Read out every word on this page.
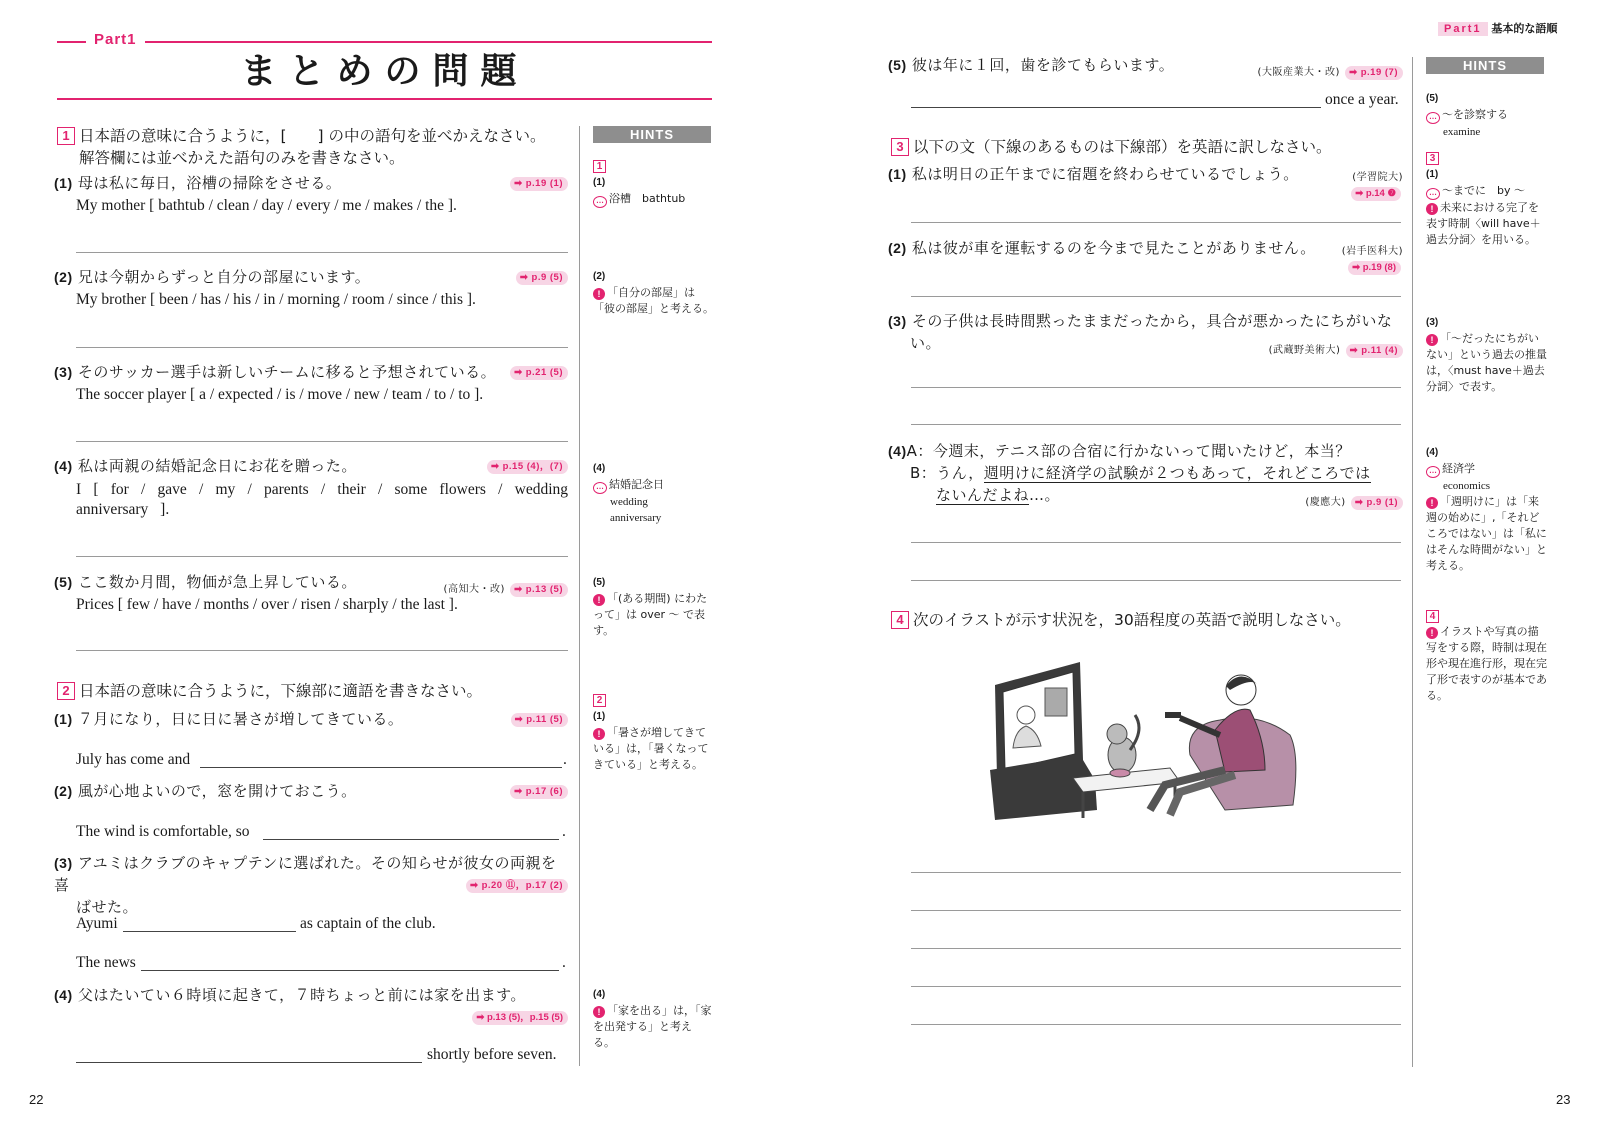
Part1
まとめの問題
HINTS
1 日本語の意味に合うように，[　　] の中の語句を並べかえなさい。
解答欄には並べかえた語句のみを書きなさい。
(1) 母は私に毎日，浴槽の掃除をさせる。	➡ p.19 (1)
My mother [ bathtub / clean / day / every / me / makes / the ].
(2) 兄は今朝からずっと自分の部屋にいます。	➡ p.9 (5)
My brother [ been / has / his / in / morning / room / since / this ].
(3) そのサッカー選手は新しいチームに移ると予想されている。	➡ p.21 (5)
The soccer player [ a / expected / is / move / new / team / to / to ].
(4) 私は両親の結婚記念日にお花を贈った。	➡ p.15 (4)，(7)
I [ for / gave / my / parents / their / some flowers / wedding anniversary ].
(5) ここ数か月間，物価が急上昇している。	(高知大・改) ➡ p.13 (5)
Prices [ few / have / months / over / risen / sharply / the last ].
2 日本語の意味に合うように，下線部に適語を書きなさい。
(1) ７月になり，日に日に暑さが増してきている。	➡ p.11 (5)
July has come and	.
(2) 風が心地よいので，窓を開けておこう。	➡ p.17 (6)
The wind is comfortable, so	.
(3) アユミはクラブのキャプテンに選ばれた。その知らせが彼女の両親を喜
ばせた。
➡ p.20 ⑪，p.17 (2)
Ayumi	as captain of the club.
The news	.
(4) 父はたいてい６時頃に起きて，７時ちょっと前には家を出ます。
➡ p.13 (5)，p.15 (5)
shortly before seven.
1
(1)
… 浴槽　bathtub
(2)
! 「自分の部屋」は「彼の部屋」と考える。
(4)
… 結婚記念日
wedding
anniversary
(5)
! 「(ある期間) にわたって」は over 〜 で表す。
2
(1)
! 「暑さが増してきている」は，「暑くなってきている」と考える。
(4)
! 「家を出る」は，「家を出発する」と考える。
22
Part1 基本的な語順
HINTS
(5) 彼は年に１回，歯を診てもらいます。	(大阪産業大・改) ➡ p.19 (7)
once a year.
3 以下の文（下線のあるものは下線部）を英語に訳しなさい。
(1) 私は明日の正午までに宿題を終わらせているでしょう。	(学習院大)
➡ p.14 ❼
(2) 私は彼が車を運転するのを今まで見たことがありません。	(岩手医科大)
➡ p.19 (8)
(3) その子供は長時間黙ったままだったから，具合が悪かったにちがいな
い。	(武蔵野美術大) ➡ p.11 (4)
(4)A：今週末，テニス部の合宿に行かないって聞いたけど，本当？
B：うん，週明けに経済学の試験が２つもあって，それどころでは
ないんだよね…。	(慶應大) ➡ p.9 (1)
4 次のイラストが示す状況を，30語程度の英語で説明しなさい。
(5)
… 〜を診察する
examine
3
(1)
… 〜までに　by 〜
! 未来における完了を表す時制〈will have＋過去分詞〉を用いる。
(3)
! 「〜だったにちがいない」という過去の推量は，〈must have＋過去分詞〉で表す。
(4)
… 経済学
economics
! 「週明けに」は「来週の始めに」,「それどころではない」は「私にはそんな時間がない」と考える。
4
! イラストや写真の描写をする際，時制は現在形や現在進行形，現在完了形で表すのが基本である。
23
